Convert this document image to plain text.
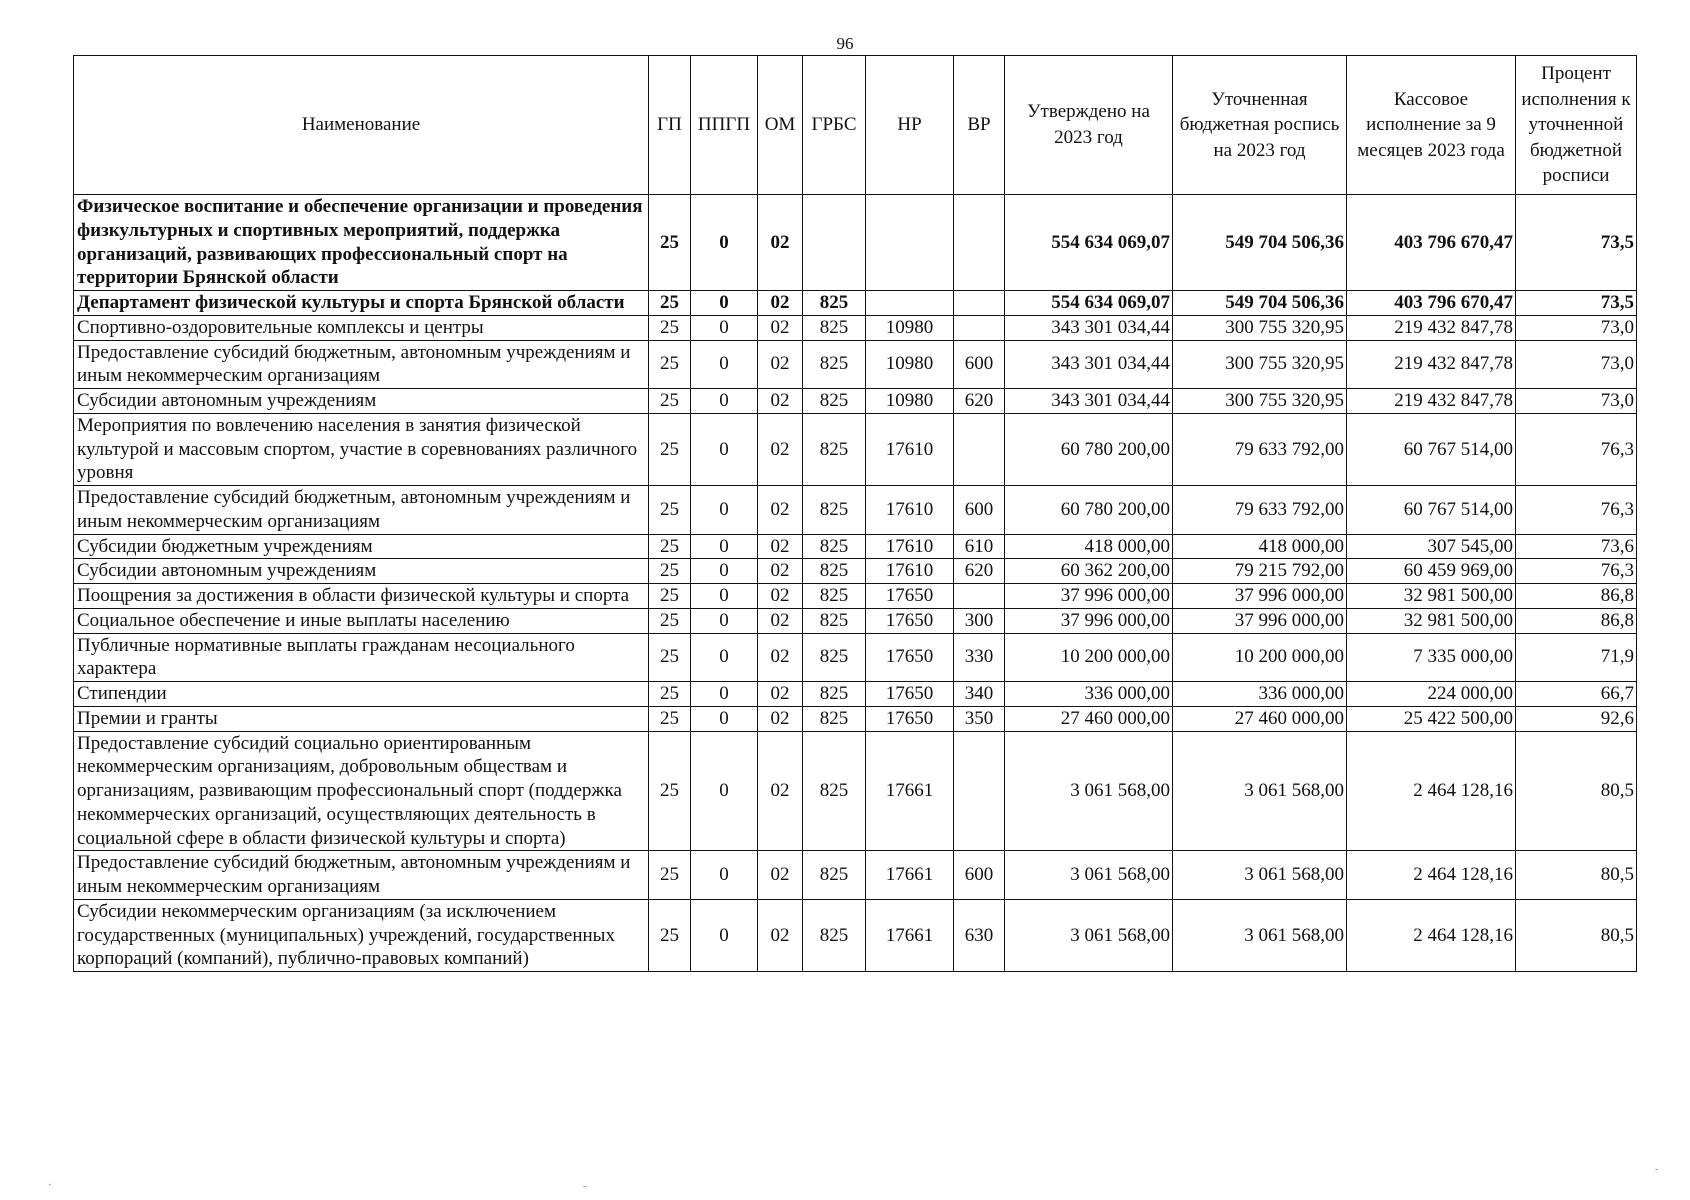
96
Наименование	ГП	ППГП	ОМ	ГРБС	НР	ВР	Утверждено на 2023 год	Уточненная бюджетная роспись на 2023 год	Кассовое исполнение за 9 месяцев 2023 года	Процент исполнения к уточненной бюджетной росписи
Физическое воспитание и обеспечение организации и проведения физкультурных и спортивных мероприятий, поддержка организаций, развивающих профессиональный спорт на территории Брянской области	25	0	02				554 634 069,07	549 704 506,36	403 796 670,47	73,5
Департамент физической культуры и спорта Брянской области	25	0	02	825			554 634 069,07	549 704 506,36	403 796 670,47	73,5
Спортивно-оздоровительные комплексы и центры	25	0	02	825	10980		343 301 034,44	300 755 320,95	219 432 847,78	73,0
Предоставление субсидий бюджетным, автономным учреждениям и иным некоммерческим организациям	25	0	02	825	10980	600	343 301 034,44	300 755 320,95	219 432 847,78	73,0
Субсидии автономным учреждениям	25	0	02	825	10980	620	343 301 034,44	300 755 320,95	219 432 847,78	73,0
Мероприятия по вовлечению населения в занятия физической культурой и массовым спортом, участие в соревнованиях различного уровня	25	0	02	825	17610		60 780 200,00	79 633 792,00	60 767 514,00	76,3
Предоставление субсидий бюджетным, автономным учреждениям и иным некоммерческим организациям	25	0	02	825	17610	600	60 780 200,00	79 633 792,00	60 767 514,00	76,3
Субсидии бюджетным учреждениям	25	0	02	825	17610	610	418 000,00	418 000,00	307 545,00	73,6
Субсидии автономным учреждениям	25	0	02	825	17610	620	60 362 200,00	79 215 792,00	60 459 969,00	76,3
Поощрения за достижения в области физической культуры и спорта	25	0	02	825	17650		37 996 000,00	37 996 000,00	32 981 500,00	86,8
Социальное обеспечение и иные выплаты населению	25	0	02	825	17650	300	37 996 000,00	37 996 000,00	32 981 500,00	86,8
Публичные нормативные выплаты гражданам несоциального характера	25	0	02	825	17650	330	10 200 000,00	10 200 000,00	7 335 000,00	71,9
Стипендии	25	0	02	825	17650	340	336 000,00	336 000,00	224 000,00	66,7
Премии и гранты	25	0	02	825	17650	350	27 460 000,00	27 460 000,00	25 422 500,00	92,6
Предоставление субсидий социально ориентированным некоммерческим организациям, добровольным обществам и организациям, развивающим профессиональный спорт (поддержка некоммерческих организаций, осуществляющих деятельность в социальной сфере в области физической культуры и спорта)	25	0	02	825	17661		3 061 568,00	3 061 568,00	2 464 128,16	80,5
Предоставление субсидий бюджетным, автономным учреждениям и иным некоммерческим организациям	25	0	02	825	17661	600	3 061 568,00	3 061 568,00	2 464 128,16	80,5
Субсидии некоммерческим организациям (за исключением государственных (муниципальных) учреждений, государственных корпораций (компаний), публично-правовых компаний)	25	0	02	825	17661	630	3 061 568,00	3 061 568,00	2 464 128,16	80,5
·	-
-
